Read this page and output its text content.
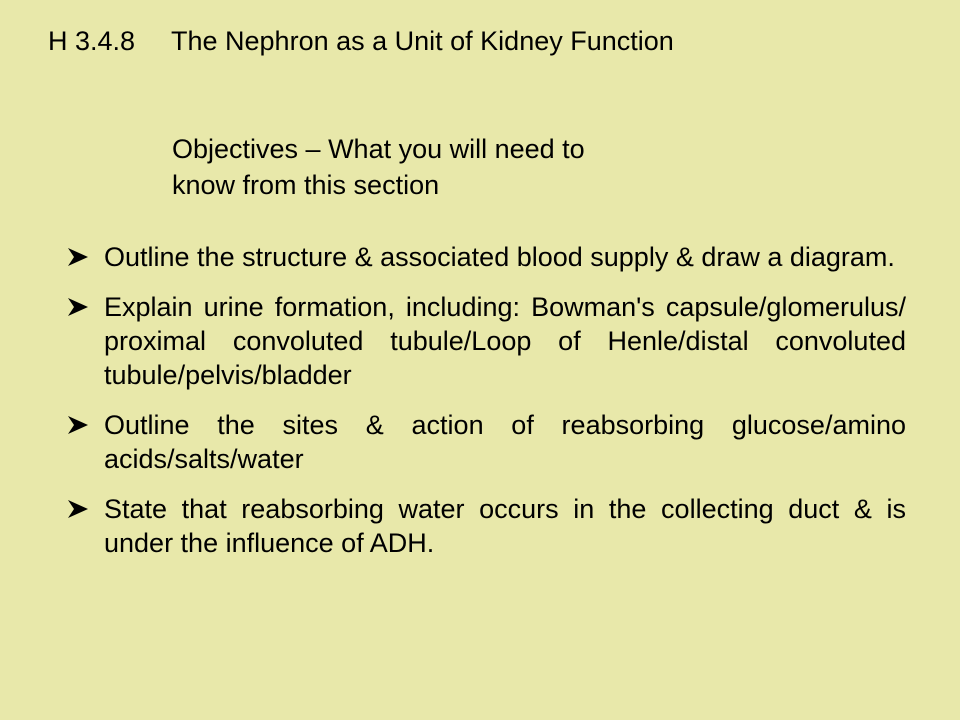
H 3.4.8 The Nephron as a Unit of Kidney Function
Objectives – What you will need to
know from this section
Outline the structure & associated blood supply & draw a diagram.
Explain urine formation, including: Bowman's capsule/glomerulus/ proximal convoluted tubule/Loop of Henle/distal convoluted tubule/pelvis/bladder
Outline the sites & action of reabsorbing glucose/amino acids/salts/water
State that reabsorbing water occurs in the collecting duct & is under the influence of ADH.
